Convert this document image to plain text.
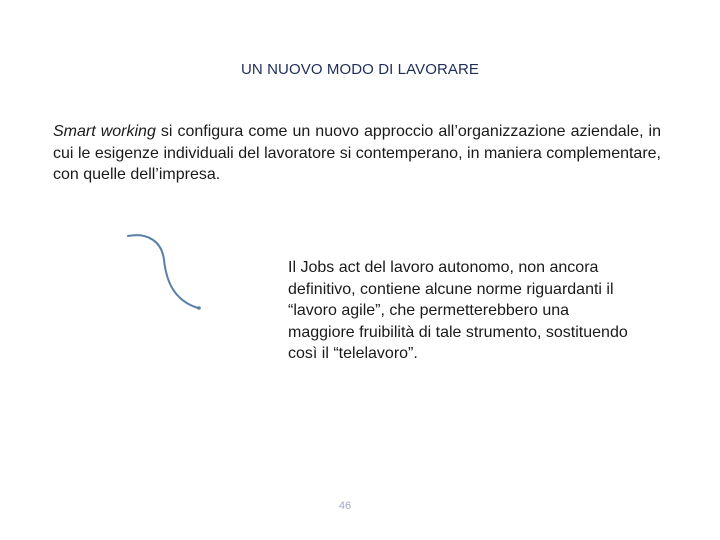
UN NUOVO MODO DI LAVORARE

Smart working si configura come un nuovo approccio all’organizzazione aziendale, in cui le esigenze individuali del lavoratore si contemperano, in maniera complementare, con quelle dell’impresa.

Il Jobs act del lavoro autonomo, non ancora
definitivo, contiene alcune norme riguardanti il
“lavoro agile”, che permetterebbero una
maggiore fruibilità di tale strumento, sostituendo
così il “telelavoro”.
46
